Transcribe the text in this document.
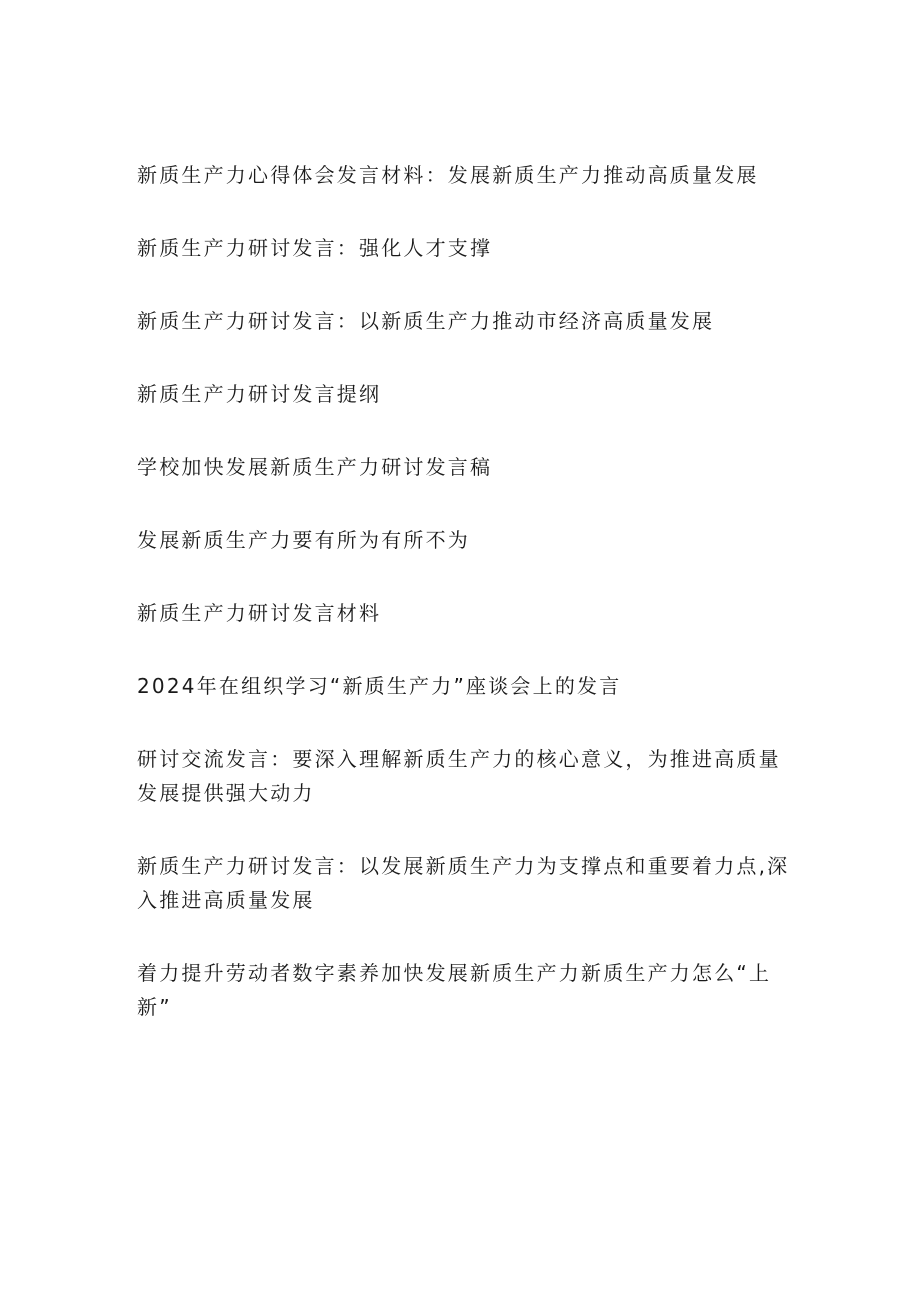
新质生产力心得体会发言材料：发展新质生产力推动高质量发展
新质生产力研讨发言：强化人才支撑
新质生产力研讨发言：以新质生产力推动市经济高质量发展
新质生产力研讨发言提纲
学校加快发展新质生产力研讨发言稿
发展新质生产力要有所为有所不为
新质生产力研讨发言材料
2024年在组织学习“新质生产力”座谈会上的发言
研讨交流发言：要深入理解新质生产力的核心意义，为推进高质量发展提供强大动力
新质生产力研讨发言：以发展新质生产力为支撑点和重要着力点,深入推进高质量发展
着力提升劳动者数字素养加快发展新质生产力新质生产力怎么“上新”
